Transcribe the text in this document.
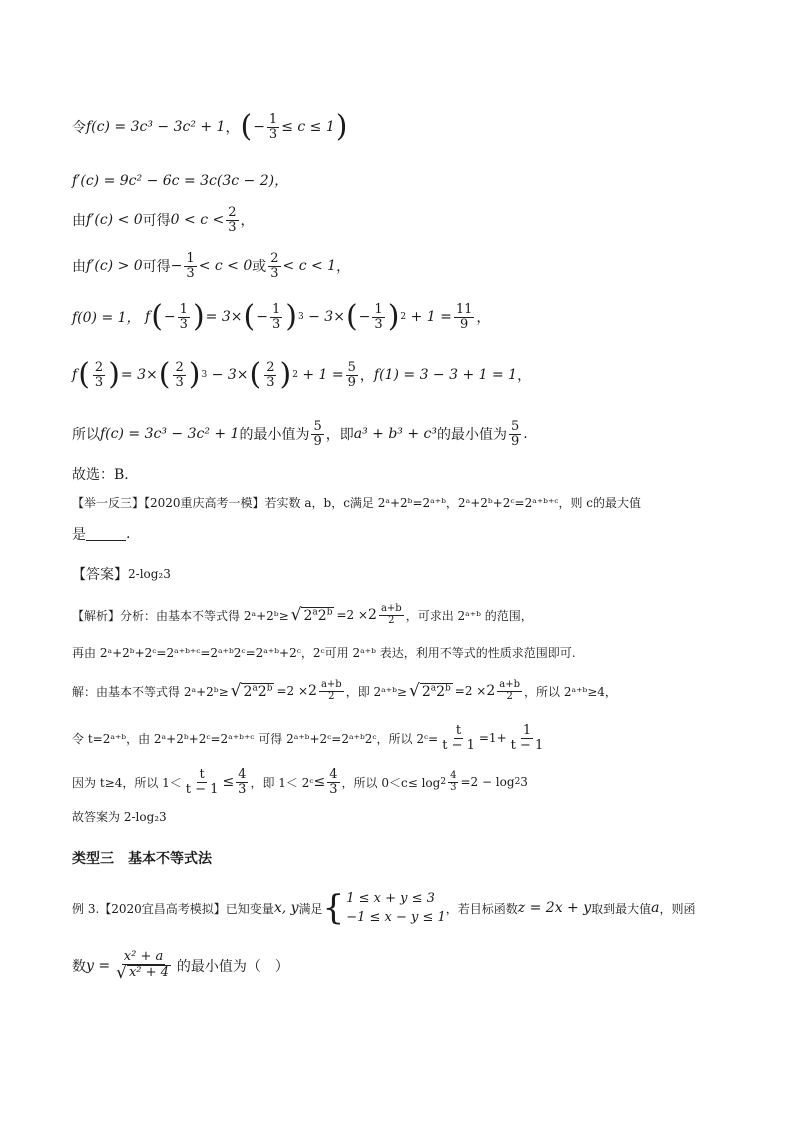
令 f(c) = 3c³ − 3c² + 1 ， ( − $\frac{1}{3} \le c \le 1$ )
f′(c) = 9c² − 6c = 3c(3c − 2)，
由 f′(c) < 0 可得 $0 < c < \frac{2}{3}$ ，
由 f′(c) > 0 可得 − $\frac{1}{3} < c < 0$ 或 $\frac{2}{3} < c < 1$ ，
f(0) = 1， f ( − $\frac{1}{3}$ ) = 3× ( − $\frac{1}{3}$ ) 3 − 3× ( − $\frac{1}{3}$ ) $2 + 1 = \frac{11}{9}$ ，
f ( $\frac{2}{3}$ ) = 3× ( $\frac{2}{3}$ ) 3 − 3× ( $\frac{2}{3}$ ) $2 + 1 = \frac{5}{9}$ ， f(1) = 3 − 3 + 1 = 1 ，
所以 f(c) = 3c³ − 3c² + 1 的最小值为 $\frac{5}{9}$ ，即 a³ + b³ + c³ 的最小值为 $\frac{5}{9}$ .
故选：B.
【举一反三】【2020重庆高考一模】若实数 a，b，c满足 2ᵃ+2ᵇ=2ᵃ⁺ᵇ，2ᵃ+2ᵇ+2ᶜ=2ᵃ⁺ᵇ⁺ᶜ，则 c的最大值
是	.
【答案】 2-log₂3
【解析】分析：由基本不等式得 2ᵃ+2ᵇ≥ √ $2^a2^b =2 \times 2 \frac{a+b}{2}$ ，可求出 2ᵃ⁺ᵇ 的范围，
再由 2ᵃ+2ᵇ+2ᶜ=2ᵃ⁺ᵇ⁺ᶜ=2ᵃ⁺ᵇ2ᶜ=2ᵃ⁺ᵇ+2ᶜ，2ᶜ可用 2ᵃ⁺ᵇ 表达，利用不等式的性质求范围即可.
解：由基本不等式得 2ᵃ+2ᵇ≥ √ $2^a2^b =2 \times 2 \frac{a+b}{2}$ ，即 2ᵃ⁺ᵇ≥ √ $2^a2^b =2 \times 2 \frac{a+b}{2}$ ，所以 2ᵃ⁺ᵇ≥4，
令 t=2ᵃ⁺ᵇ，由 2ᵃ+2ᵇ+2ᶜ=2ᵃ⁺ᵇ⁺ᶜ 可得 2ᵃ⁺ᵇ+2ᶜ=2ᵃ⁺ᵇ2ᶜ，所以 2ᶜ= $\frac{t}{t - 1} =1+ \frac{1}{t - 1}$
因为 t≥4，所以 $1< \frac{t}{t - 1} \le \frac{4}{3}$ ，即 1＜ 2ᶜ ≤ $\frac{4}{3}$ ，所以 $0<c\le \log 2 \frac{4}{3} =2 - \log 2$ 3
故答案为 2-log₂3
类型三　基本不等式法
例 3.【2020宜昌高考模拟】已知变量 x, y 满足 { 1 ≤ x + y ≤ 3
−1 ≤ x − y ≤ 1
，若目标函数 z = 2x + y 取到最大值 a ，则函
数 $y = \frac{\text{x² + a}}{\text{√ x² + 4}}$ 的最小值为（　）
